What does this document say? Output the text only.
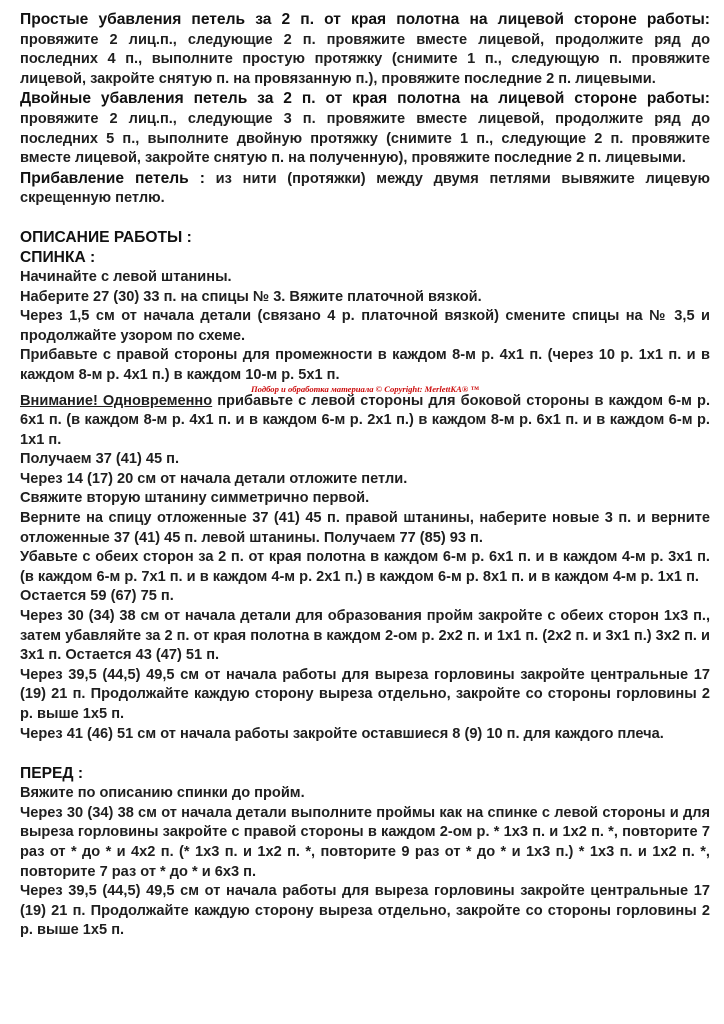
Простые убавления петель за 2 п. от края полотна на лицевой стороне работы: провяжите 2 лиц.п., следующие 2 п. провяжите вместе лицевой, продолжите ряд до последних 4 п., выполните простую протяжку (снимите 1 п., следующую п. провяжите лицевой, закройте снятую п. на провязанную п.), провяжите последние 2 п. лицевыми.

Двойные убавления петель за 2 п. от края полотна на лицевой стороне работы: провяжите 2 лиц.п., следующие 3 п. провяжите вместе лицевой, продолжите ряд до последних 5 п., выполните двойную протяжку (снимите 1 п., следующие 2 п. провяжите вместе лицевой, закройте снятую п. на полученную), провяжите последние 2 п. лицевыми.

Прибавление петель : из нити (протяжки) между двумя петлями вывяжите лицевую скрещенную петлю.

ОПИСАНИЕ РАБОТЫ :

СПИНКА :

Начинайте с левой штанины.

Наберите 27 (30) 33 п. на спицы № 3. Вяжите платочной вязкой.

Через 1,5 см от начала детали (связано 4 р. платочной вязкой) смените спицы на № 3,5 и продолжайте узором по схеме.

Прибавьте с правой стороны для промежности в каждом 8-м р. 4х1 п. (через 10 р. 1х1 п. и в каждом 8-м р. 4х1 п.) в каждом 10-м р. 5х1 п.

Подбор и обработка материала © Copyright: MerlettKA® ™

Внимание! Одновременно прибавьте с левой стороны для боковой стороны в каждом 6-м р. 6х1 п. (в каждом 8-м р. 4х1 п. и в каждом 6-м р. 2х1 п.) в каждом 8-м р. 6х1 п. и в каждом 6-м р. 1х1 п.

Получаем 37 (41) 45 п.

Через 14 (17) 20 см от начала детали отложите петли.

Свяжите вторую штанину симметрично первой.

Верните на спицу отложенные 37 (41) 45 п. правой штанины, наберите новые 3 п. и верните отложенные 37 (41) 45 п. левой штанины. Получаем 77 (85) 93 п.

Убавьте с обеих сторон за 2 п. от края полотна в каждом 6-м р. 6х1 п. и в каждом 4-м р. 3х1 п. (в каждом 6-м р. 7х1 п. и в каждом 4-м р. 2х1 п.) в каждом 6-м р. 8х1 п. и в каждом 4-м р. 1х1 п.

Остается 59 (67) 75 п.

Через 30 (34) 38 см от начала детали для образования пройм закройте с обеих сторон 1х3 п., затем убавляйте за 2 п. от края полотна в каждом 2-ом р. 2х2 п. и 1х1 п. (2х2 п. и 3х1 п.) 3х2 п. и 3х1 п. Остается 43 (47) 51 п.

Через 39,5 (44,5) 49,5 см от начала работы для выреза горловины закройте центральные 17 (19) 21 п. Продолжайте каждую сторону выреза отдельно, закройте со стороны горловины 2 р. выше 1х5 п.

Через 41 (46) 51 см от начала работы закройте оставшиеся 8 (9) 10 п. для каждого плеча.

ПЕРЕД :

Вяжите по описанию спинки до пройм.

Через 30 (34) 38 см от начала детали выполните проймы как на спинке с левой стороны и для выреза горловины закройте с правой стороны в каждом 2-ом р. * 1х3 п. и 1х2 п. *, повторите 7 раз от * до * и 4х2 п. (* 1х3 п. и 1х2 п. *, повторите 9 раз от * до * и 1х3 п.) * 1х3 п. и 1х2 п. *, повторите 7 раз от * до * и 6х3 п.

Через 39,5 (44,5) 49,5 см от начала работы для выреза горловины закройте центральные 17 (19) 21 п. Продолжайте каждую сторону выреза отдельно, закройте со стороны горловины 2 р. выше 1х5 п.
